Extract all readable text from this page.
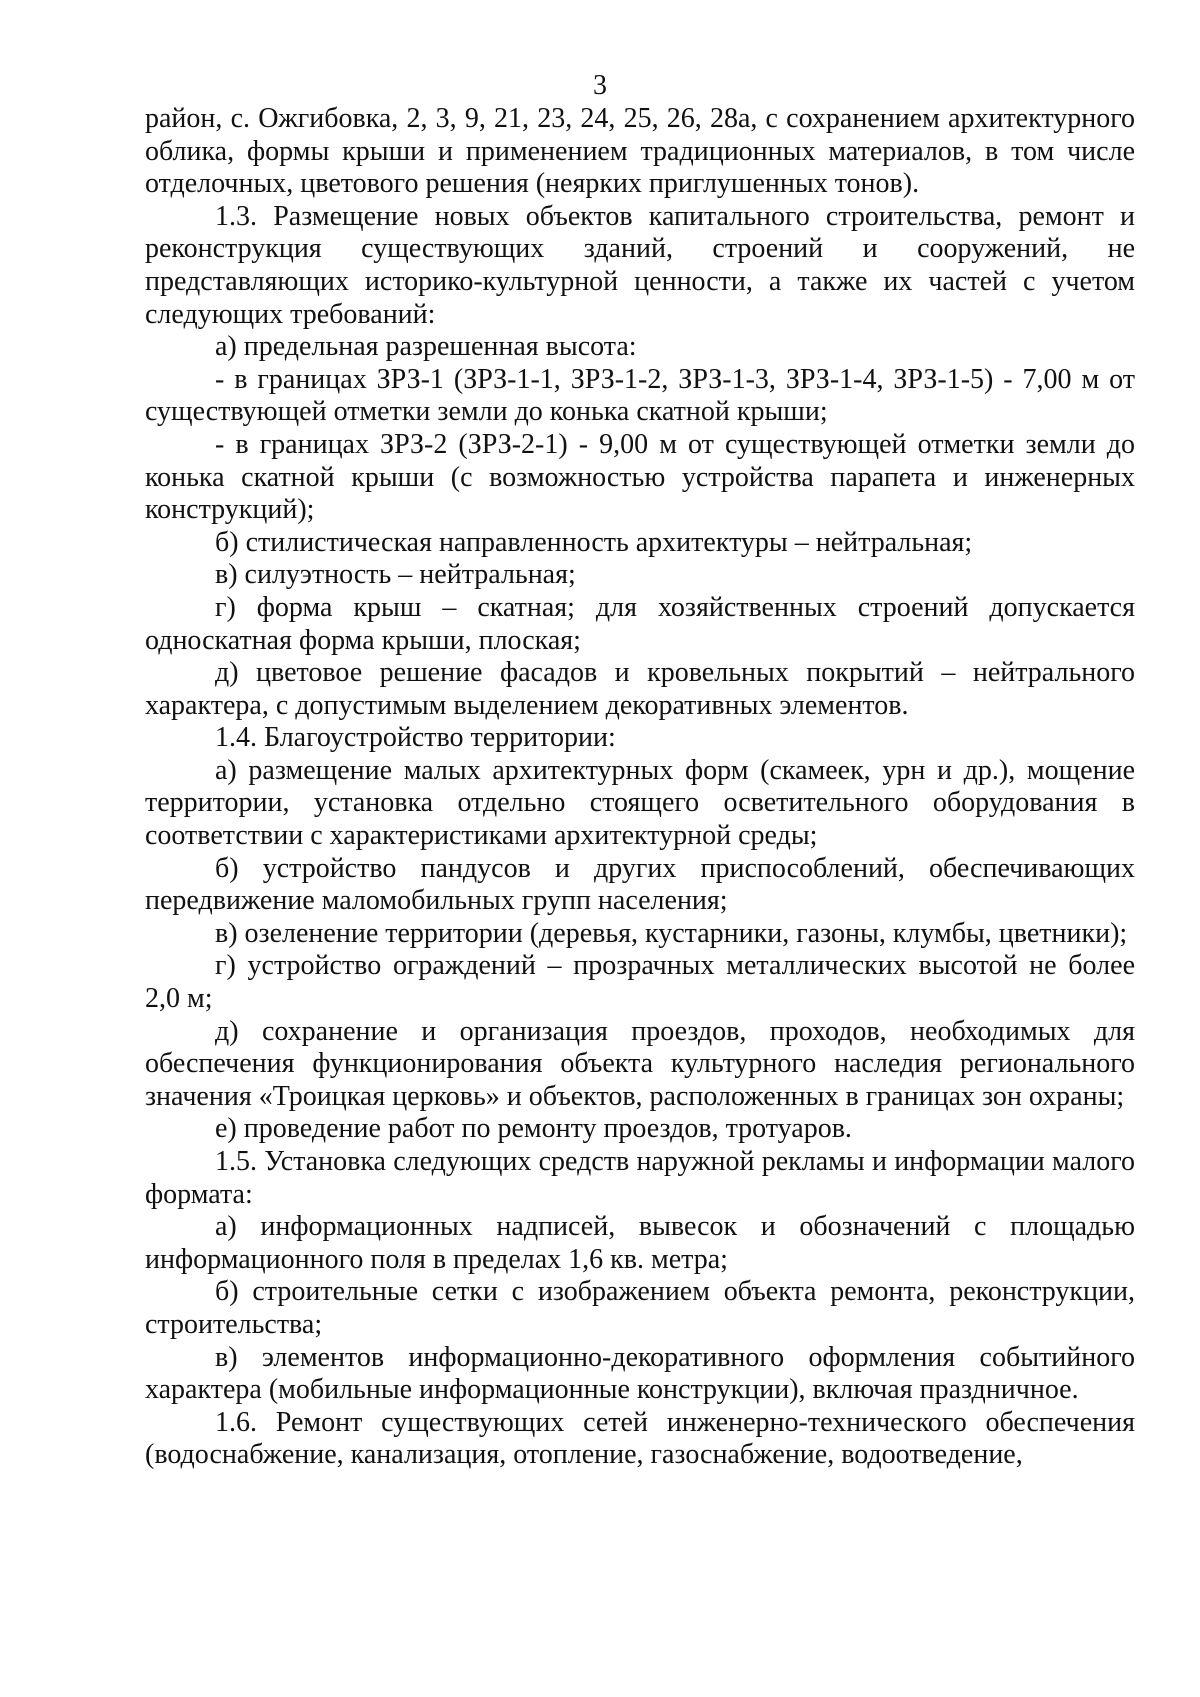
3

район, с. Ожгибовка, 2, 3, 9, 21, 23, 24, 25, 26, 28а, с сохранением архитектурного облика, формы крыши и применением традиционных материалов, в том числе отделочных, цветового решения (неярких приглушенных тонов).

1.3. Размещение новых объектов капитального строительства, ремонт и реконструкция существующих зданий, строений и сооружений, не представляющих историко-культурной ценности, а также их частей с учетом следующих требований:

а) предельная разрешенная высота:

- в границах ЗРЗ-1 (ЗРЗ-1-1, ЗРЗ-1-2, ЗРЗ-1-3, ЗРЗ-1-4, ЗРЗ-1-5) - 7,00 м от существующей отметки земли до конька скатной крыши;

- в границах ЗРЗ-2 (ЗРЗ-2-1) - 9,00 м от существующей отметки земли до конька скатной крыши (с возможностью устройства парапета и инженерных конструкций);

б) стилистическая направленность архитектуры – нейтральная;

в) силуэтность – нейтральная;

г) форма крыш – скатная; для хозяйственных строений допускается односкатная форма крыши, плоская;

д) цветовое решение фасадов и кровельных покрытий – нейтрального характера, с допустимым выделением декоративных элементов.

1.4. Благоустройство территории:

а) размещение малых архитектурных форм (скамеек, урн и др.), мощение территории, установка отдельно стоящего осветительного оборудования в соответствии с характеристиками архитектурной среды;

б) устройство пандусов и других приспособлений, обеспечивающих передвижение маломобильных групп населения;

в) озеленение территории (деревья, кустарники, газоны, клумбы, цветники);

г) устройство ограждений – прозрачных металлических высотой не более 2,0 м;

д) сохранение и организация проездов, проходов, необходимых для обеспечения функционирования объекта культурного наследия регионального значения «Троицкая церковь» и объектов, расположенных в границах зон охраны;

е) проведение работ по ремонту проездов, тротуаров.

1.5. Установка следующих средств наружной рекламы и информации малого формата:

а) информационных надписей, вывесок и обозначений с площадью информационного поля в пределах 1,6 кв. метра;

б) строительные сетки с изображением объекта ремонта, реконструкции, строительства;

в) элементов информационно-декоративного оформления событийного характера (мобильные информационные конструкции), включая праздничное.

1.6. Ремонт существующих сетей инженерно-технического обеспечения (водоснабжение, канализация, отопление, газоснабжение, водоотведение,
